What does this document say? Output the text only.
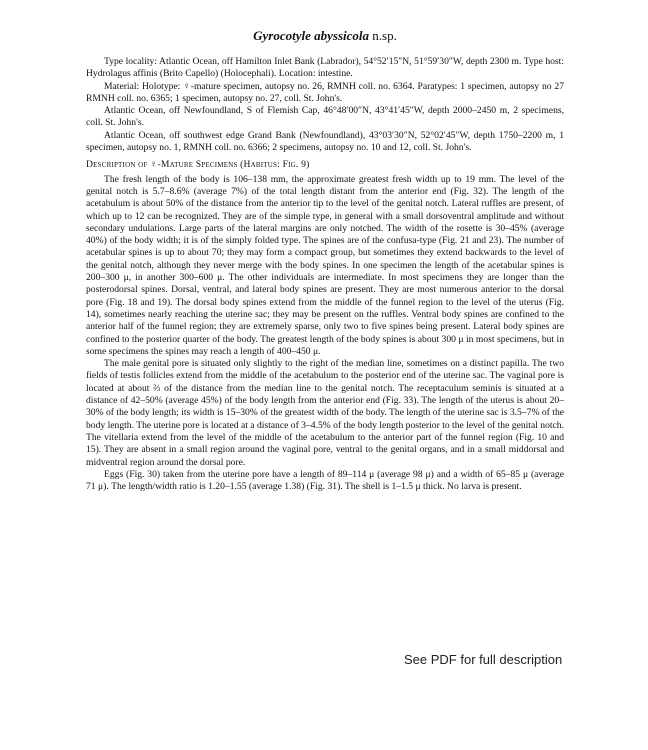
Gyrocotyle abyssicola n.sp.

Type locality: Atlantic Ocean, off Hamilton Inlet Bank (Labrador), 54°52′15″N, 51°59′30″W, depth 2300 m. Type host: Hydrolagus affinis (Brito Capello) (Holocephali). Location: intestine.

Material: Holotype: ♀-mature specimen, autopsy no. 26, RMNH coll. no. 6364. Paratypes: 1 specimen, autopsy no 27 RMNH coll. no. 6365; 1 specimen, autopsy no. 27, coll. St. John's.

Atlantic Ocean, off Newfoundland, S of Flemish Cap, 46°48′00″N, 43°41′45″W, depth 2000–2450 m, 2 specimens, coll. St. John's.

Atlantic Ocean, off southwest edge Grand Bank (Newfoundland), 43°03′30″N, 52°02′45″W, depth 1750–2200 m, 1 specimen, autopsy no. 1, RMNH coll. no. 6366; 2 specimens, autopsy no. 10 and 12, coll. St. John's.

Description of ♀-Mature Specimens (Habitus: Fig. 9)

The fresh length of the body is 106–138 mm, the approximate greatest fresh width up to 19 mm. The level of the genital notch is 5.7–8.6% (average 7%) of the total length distant from the anterior end (Fig. 32). The length of the acetabulum is about 50% of the distance from the anterior tip to the level of the genital notch. Lateral ruffles are present, of which up to 12 can be recognized. They are of the simple type, in general with a small dorsoventral amplitude and without secondary undulations. Large parts of the lateral margins are only notched. The width of the rosette is 30–45% (average 40%) of the body width; it is of the simply folded type. The spines are of the confusa-type (Fig. 21 and 23). The number of acetabular spines is up to about 70; they may form a compact group, but sometimes they extend backwards to the level of the genital notch, although they never merge with the body spines. In one specimen the length of the acetabular spines is 200–300 μ, in another 300–600 μ. The other individuals are intermediate. In most specimens they are longer than the posterodorsal spines. Dorsal, ventral, and lateral body spines are present. They are most numerous anterior to the dorsal pore (Fig. 18 and 19). The dorsal body spines extend from the middle of the funnel region to the level of the uterus (Fig. 14), sometimes nearly reaching the uterine sac; they may be present on the ruffles. Ventral body spines are confined to the anterior half of the funnel region; they are extremely sparse, only two to five spines being present. Lateral body spines are confined to the posterior quarter of the body. The greatest length of the body spines is about 300 μ in most specimens, but in some specimens the spines may reach a length of 400–450 μ.

The male genital pore is situated only slightly to the right of the median line, sometimes on a distinct papilla. The two fields of testis follicles extend from the middle of the acetabulum to the posterior end of the uterine sac. The vaginal pore is located at about ⅔ of the distance from the median line to the genital notch. The receptaculum seminis is situated at a distance of 42–50% (average 45%) of the body length from the anterior end (Fig. 33). The length of the uterus is about 20–30% of the body length; its width is 15–30% of the greatest width of the body. The length of the uterine sac is 3.5–7% of the body length. The uterine pore is located at a distance of 3–4.5% of the body length posterior to the level of the genital notch. The vitellaria extend from the level of the middle of the acetabulum to the anterior part of the funnel region (Fig. 10 and 15). They are absent in a small region around the vaginal pore, ventral to the genital organs, and in a small middorsal and midventral region around the dorsal pore.

Eggs (Fig. 30) taken from the uterine pore have a length of 89–114 μ (average 98 μ) and a width of 65–85 μ (average 71 μ). The length/width ratio is 1.20–1.55 (average 1.38) (Fig. 31). The shell is 1–1.5 μ thick. No larva is present.

See PDF for full description
